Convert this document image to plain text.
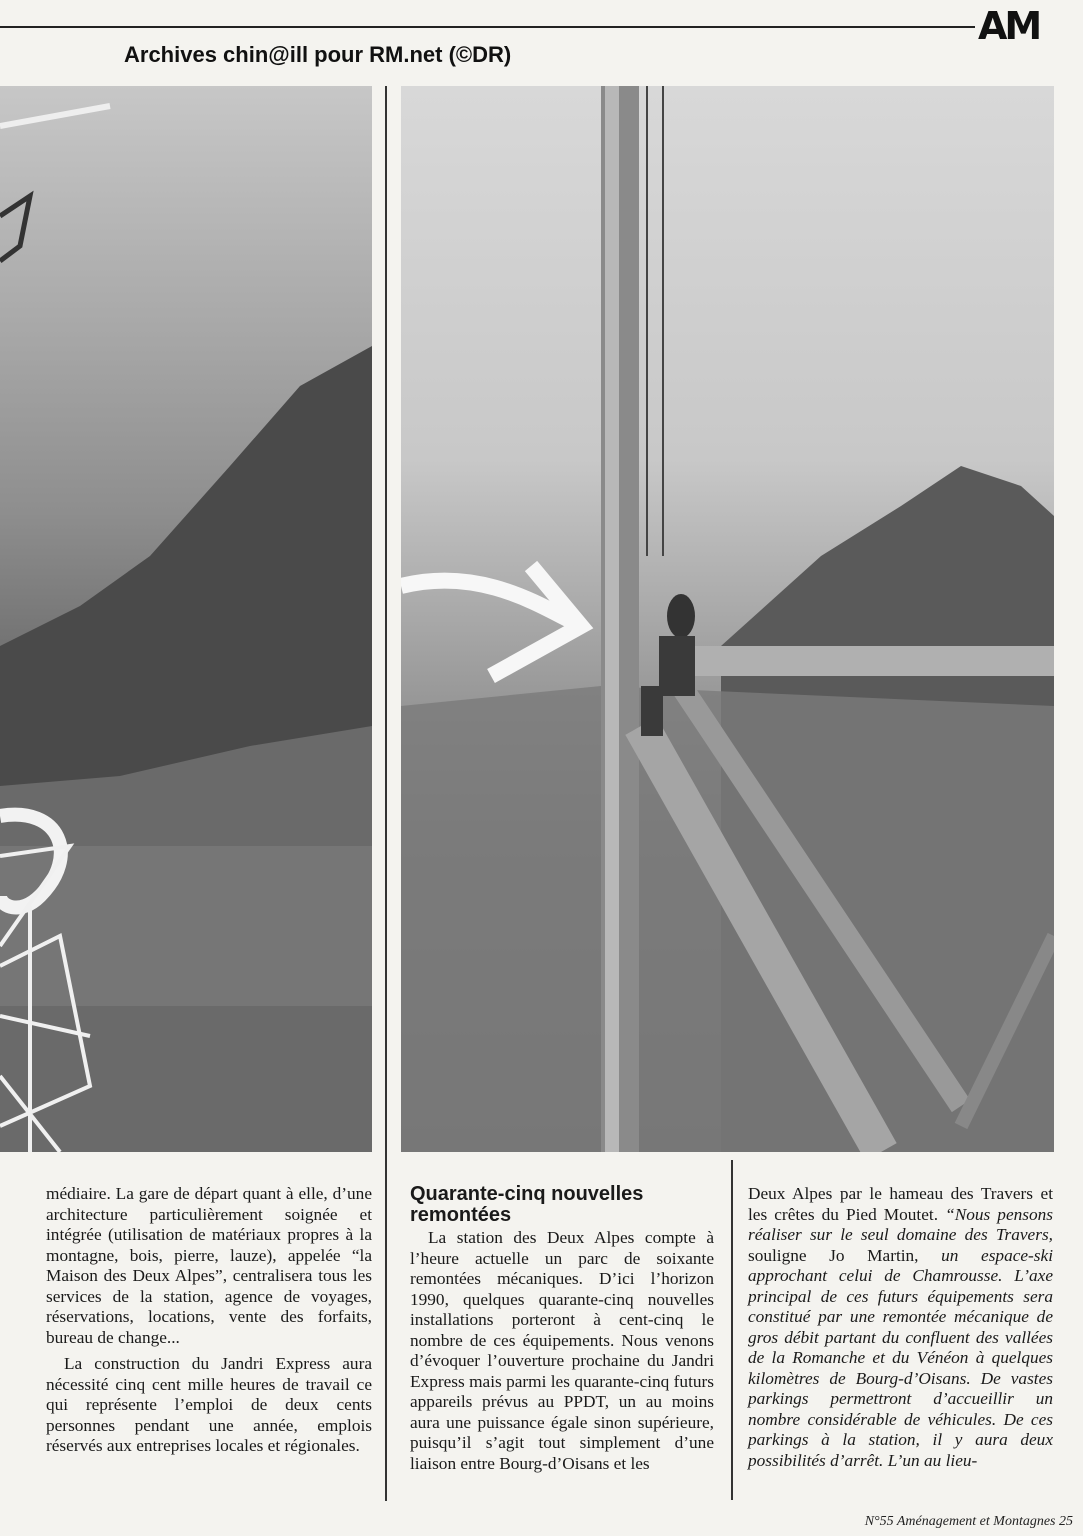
AM
Archives chin@ill pour RM.net (©DR)

médiaire. La gare de départ quant à elle, d’une architecture particulièrement soignée et intégrée (utilisation de matériaux propres à la montagne, bois, pierre, lauze), appelée “la Maison des Deux Alpes”, centralisera tous les services de la station, agence de voyages, réservations, locations, vente des forfaits, bureau de change...

La construction du Jandri Express aura nécessité cinq cent mille heures de travail ce qui représente l’emploi de deux cents personnes pendant une année, emplois réservés aux entreprises locales et régionales.

Quarante-cinq nouvelles remontées

La station des Deux Alpes compte à l’heure actuelle un parc de soixante remontées mécaniques. D’ici l’horizon 1990, quelques quarante-cinq nouvelles installations porteront à cent-cinq le nombre de ces équipements. Nous venons d’évoquer l’ouverture prochaine du Jandri Express mais parmi les quarante-cinq futurs appareils prévus au PPDT, un au moins aura une puissance égale sinon supérieure, puisqu’il s’agit tout simplement d’une liaison entre Bourg-d’Oisans et les

Deux Alpes par le hameau des Travers et les crêtes du Pied Moutet. “Nous pensons réaliser sur le seul domaine des Travers, souligne Jo Martin, un espace-ski approchant celui de Chamrousse. L’axe principal de ces futurs équipements sera constitué par une remontée mécanique de gros débit partant du confluent des vallées de la Romanche et du Vénéon à quelques kilomètres de Bourg-d’Oisans. De vastes parkings permettront d’accueillir un nombre considérable de véhicules. De ces parkings à la station, il y aura deux possibilités d’arrêt. L’un au lieu-

N°55 Aménagement et Montagnes 25
